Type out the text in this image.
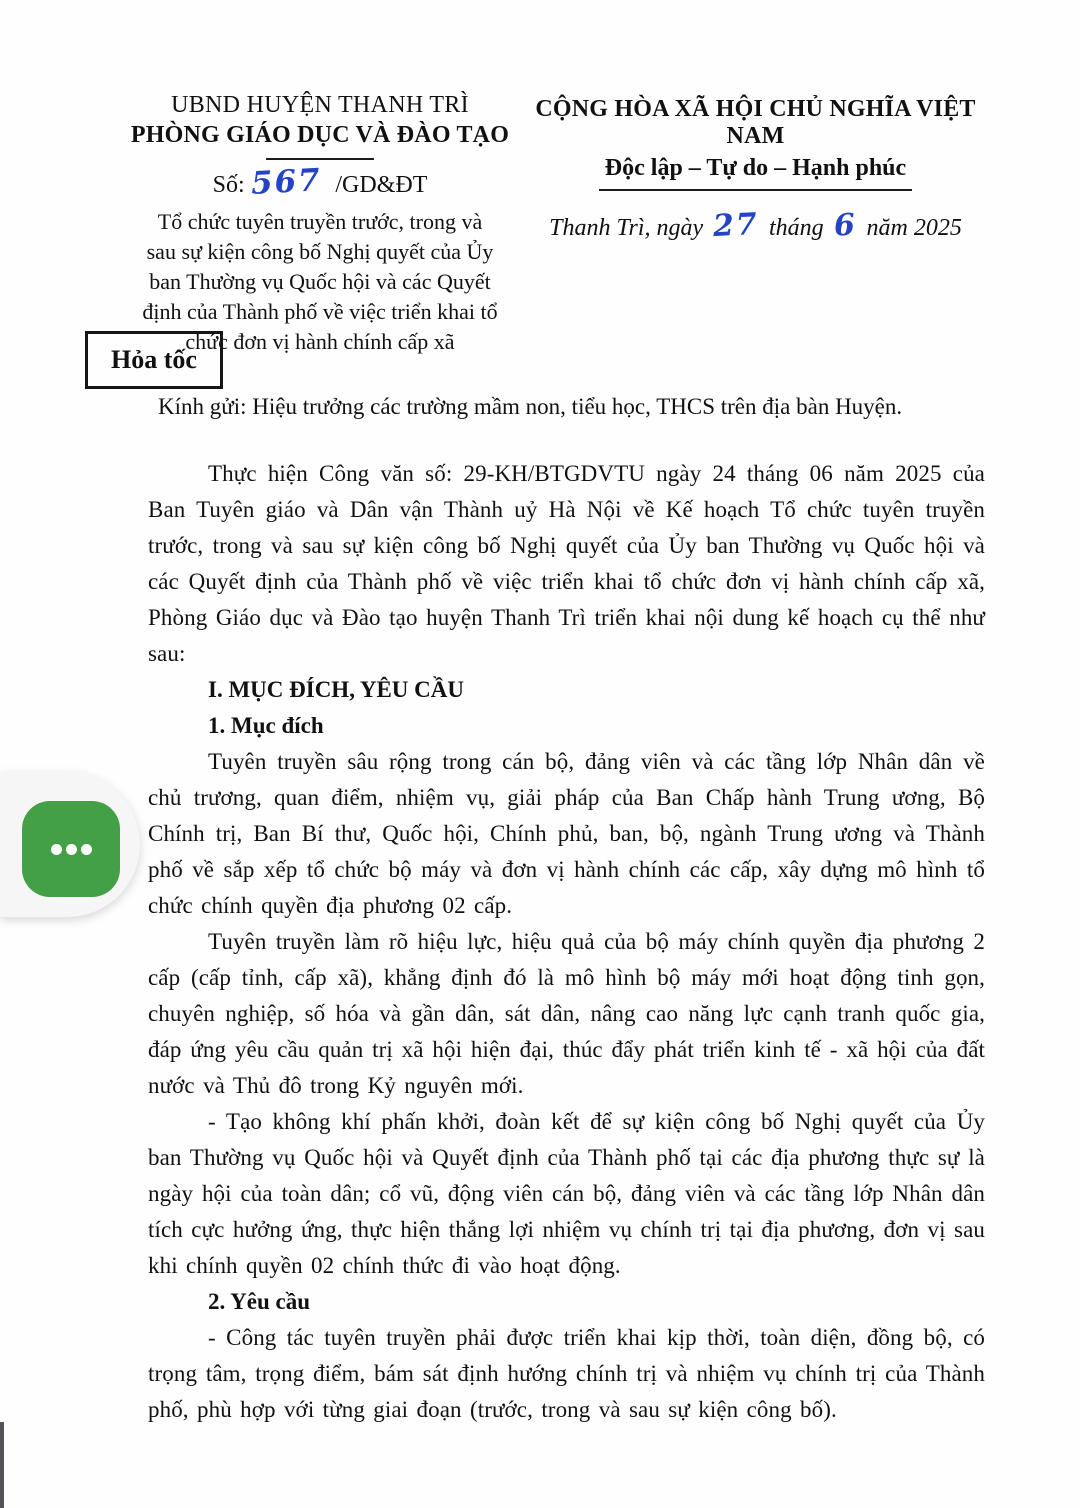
UBND HUYỆN THANH TRÌ
PHÒNG GIÁO DỤC VÀ ĐÀO TẠO
Số: 567 /GD&ĐT
Tổ chức tuyên truyền trước, trong và
sau sự kiện công bố Nghị quyết của Ủy
ban Thường vụ Quốc hội và các Quyết
định của Thành phố về việc triển khai tổ
chức đơn vị hành chính cấp xã
CỘNG HÒA XÃ HỘI CHỦ NGHĨA VIỆT NAM
Độc lập – Tự do – Hạnh phúc
Thanh Trì, ngày 27 tháng 6 năm 2025
Hỏa tốc
Kính gửi: Hiệu trưởng các trường mầm non, tiểu học, THCS trên địa bàn Huyện.

Thực hiện Công văn số: 29-KH/BTGDVTU ngày 24 tháng 06 năm 2025 của Ban Tuyên giáo và Dân vận Thành uỷ Hà Nội về Kế hoạch Tổ chức tuyên truyền trước, trong và sau sự kiện công bố Nghị quyết của Ủy ban Thường vụ Quốc hội và các Quyết định của Thành phố về việc triển khai tổ chức đơn vị hành chính cấp xã, Phòng Giáo dục và Đào tạo huyện Thanh Trì triển khai nội dung kế hoạch cụ thể như sau:

I. MỤC ĐÍCH, YÊU CẦU
1. Mục đích

Tuyên truyền sâu rộng trong cán bộ, đảng viên và các tầng lớp Nhân dân về chủ trương, quan điểm, nhiệm vụ, giải pháp của Ban Chấp hành Trung ương, Bộ Chính trị, Ban Bí thư, Quốc hội, Chính phủ, ban, bộ, ngành Trung ương và Thành phố về sắp xếp tổ chức bộ máy và đơn vị hành chính các cấp, xây dựng mô hình tổ chức chính quyền địa phương 02 cấp.

Tuyên truyền làm rõ hiệu lực, hiệu quả của bộ máy chính quyền địa phương 2 cấp (cấp tỉnh, cấp xã), khẳng định đó là mô hình bộ máy mới hoạt động tinh gọn, chuyên nghiệp, số hóa và gần dân, sát dân, nâng cao năng lực cạnh tranh quốc gia, đáp ứng yêu cầu quản trị xã hội hiện đại, thúc đẩy phát triển kinh tế - xã hội của đất nước và Thủ đô trong Kỷ nguyên mới.

- Tạo không khí phấn khởi, đoàn kết để sự kiện công bố Nghị quyết của Ủy ban Thường vụ Quốc hội và Quyết định của Thành phố tại các địa phương thực sự là ngày hội của toàn dân; cổ vũ, động viên cán bộ, đảng viên và các tầng lớp Nhân dân tích cực hưởng ứng, thực hiện thắng lợi nhiệm vụ chính trị tại địa phương, đơn vị sau khi chính quyền 02 chính thức đi vào hoạt động.

2. Yêu cầu

- Công tác tuyên truyền phải được triển khai kịp thời, toàn diện, đồng bộ, có trọng tâm, trọng điểm, bám sát định hướng chính trị và nhiệm vụ chính trị của Thành phố, phù hợp với từng giai đoạn (trước, trong và sau sự kiện công bố).
